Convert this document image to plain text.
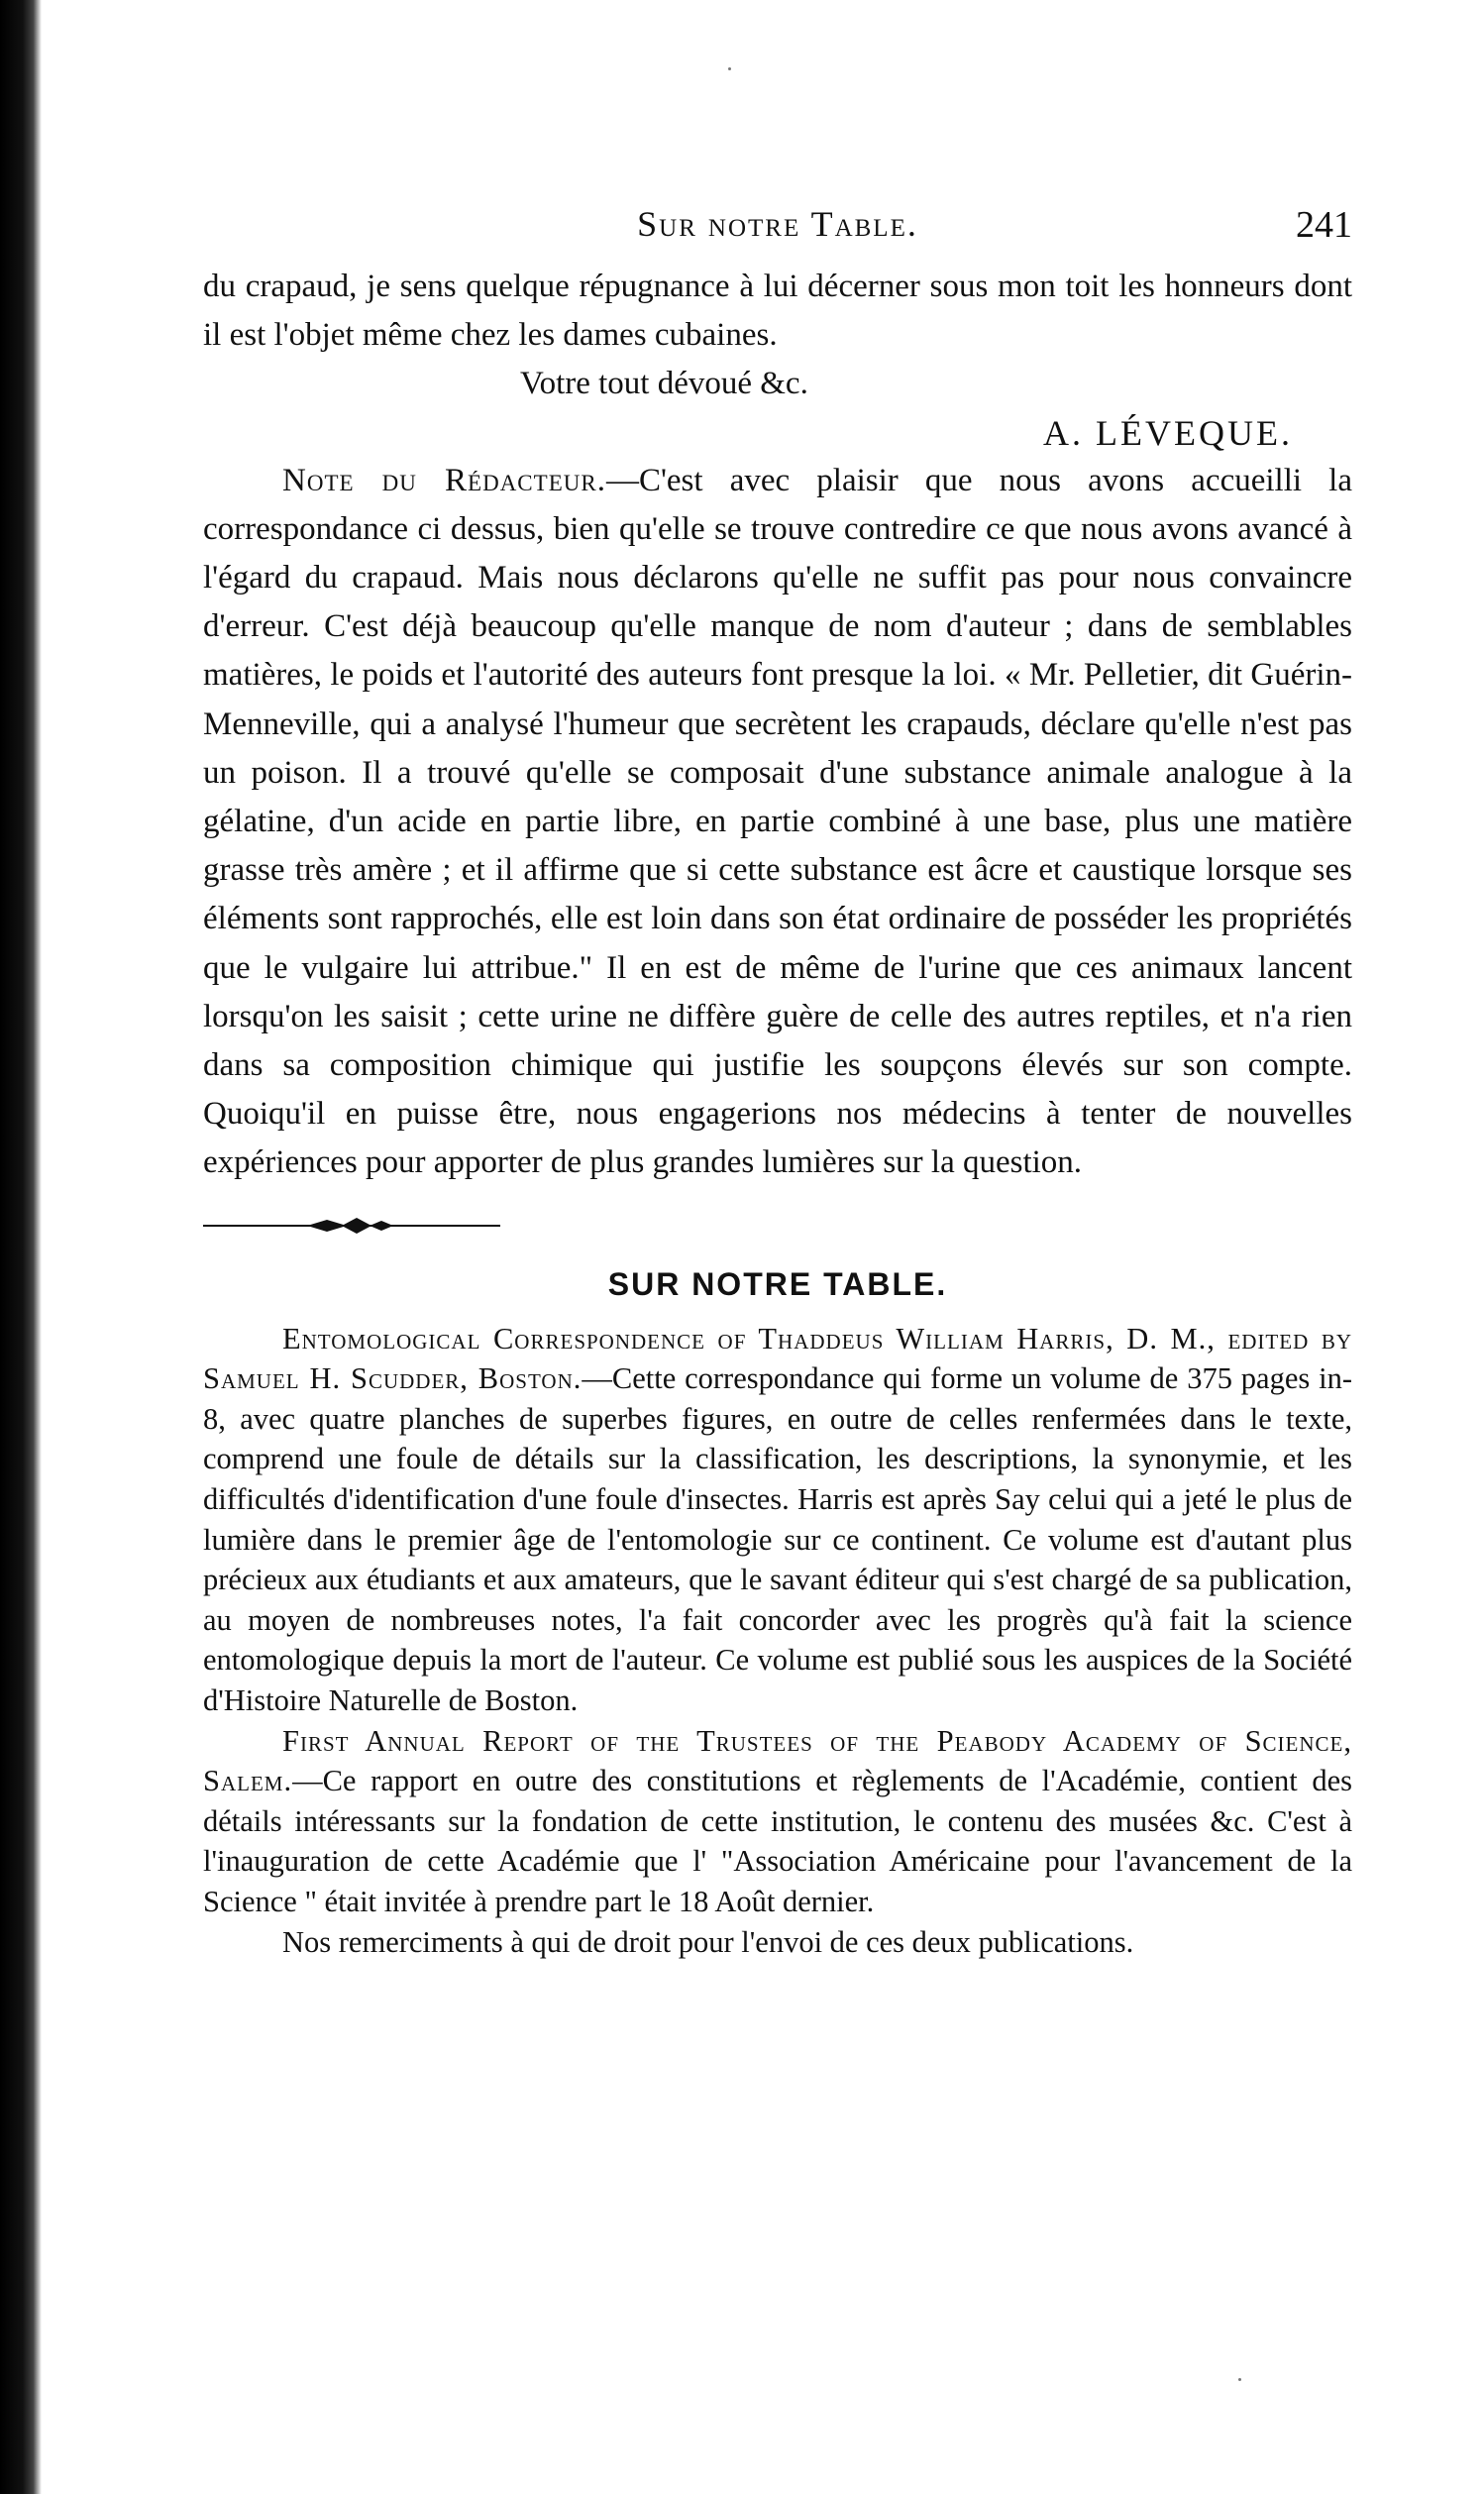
Sur notre Table.	241

du crapaud, je sens quelque répugnance à lui décerner sous mon toit les honneurs dont il est l'objet même chez les dames cubaines.

Votre tout dévoué &c.

A. LÉVEQUE.

Note du Rédacteur.—C'est avec plaisir que nous avons accueilli la correspondance ci dessus, bien qu'elle se trouve contredire ce que nous avons avancé à l'égard du crapaud. Mais nous déclarons qu'elle ne suffit pas pour nous convaincre d'erreur. C'est déjà beaucoup qu'elle manque de nom d'auteur ; dans de semblables matières, le poids et l'autorité des auteurs font presque la loi. « Mr. Pelletier, dit Guérin-Menneville, qui a analysé l'humeur que secrètent les crapauds, déclare qu'elle n'est pas un poison. Il a trouvé qu'elle se composait d'une substance animale analogue à la gélatine, d'un acide en partie libre, en partie combiné à une base, plus une matière grasse très amère ; et il affirme que si cette substance est âcre et caustique lorsque ses éléments sont rapprochés, elle est loin dans son état ordinaire de posséder les propriétés que le vulgaire lui attribue." Il en est de même de l'urine que ces animaux lancent lorsqu'on les saisit ; cette urine ne diffère guère de celle des autres reptiles, et n'a rien dans sa composition chimique qui justifie les soupçons élevés sur son compte. Quoiqu'il en puisse être, nous engagerions nos médecins à tenter de nouvelles expériences pour apporter de plus grandes lumières sur la question.

SUR NOTRE TABLE.

Entomological Correspondence of Thaddeus William Harris, D. M., edited by Samuel H. Scudder, Boston.—Cette correspondance qui forme un volume de 375 pages in-8, avec quatre planches de superbes figures, en outre de celles renfermées dans le texte, comprend une foule de détails sur la classification, les descriptions, la synonymie, et les difficultés d'identification d'une foule d'insectes. Harris est après Say celui qui a jeté le plus de lumière dans le premier âge de l'entomologie sur ce continent. Ce volume est d'autant plus précieux aux étudiants et aux amateurs, que le savant éditeur qui s'est chargé de sa publication, au moyen de nombreuses notes, l'a fait concorder avec les progrès qu'à fait la science entomologique depuis la mort de l'auteur. Ce volume est publié sous les auspices de la Société d'Histoire Naturelle de Boston.

First Annual Report of the Trustees of the Peabody Academy of Science, Salem.—Ce rapport en outre des constitutions et règlements de l'Académie, contient des détails intéressants sur la fondation de cette institution, le contenu des musées &c. C'est à l'inauguration de cette Académie que l' "Association Américaine pour l'avancement de la Science " était invitée à prendre part le 18 Août dernier.

Nos remerciments à qui de droit pour l'envoi de ces deux publications.
